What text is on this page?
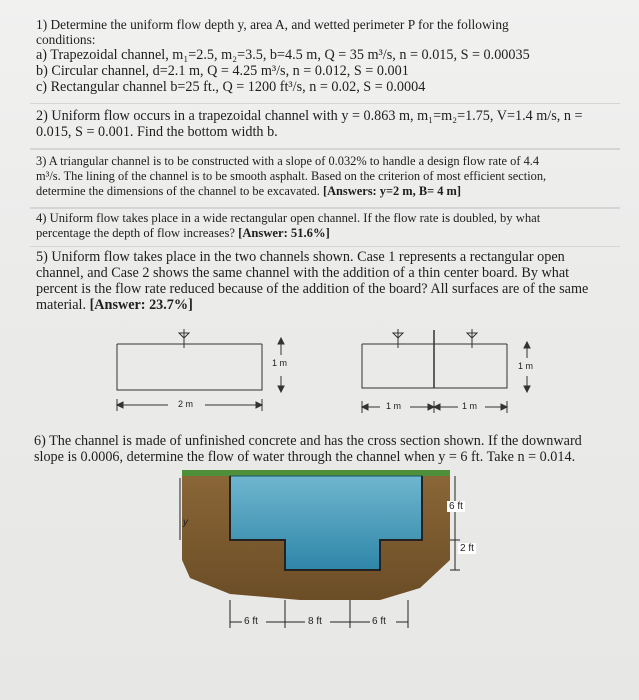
1) Determine the uniform flow depth y, area A, and wetted perimeter P for the following
conditions:
a) Trapezoidal channel, m₁=2.5, m₂=3.5, b=4.5 m, Q = 35 m³/s, n = 0.015, S = 0.00035
b) Circular channel, d=2.1 m, Q = 4.25 m³/s, n = 0.012, S = 0.001
c) Rectangular channel b=25 ft., Q = 1200 ft³/s, n = 0.02, S = 0.0004
2) Uniform flow occurs in a trapezoidal channel with y = 0.863 m, m₁=m₂=1.75, V=1.4 m/s, n =
0.015, S = 0.001. Find the bottom width b.
3) A triangular channel is to be constructed with a slope of 0.032% to handle a design flow rate of 4.4
m³/s. The lining of the channel is to be smooth asphalt. Based on the criterion of most efficient section,
determine the dimensions of the channel to be excavated. [Answers: y=2 m, B= 4 m]
4) Uniform flow takes place in a wide rectangular open channel. If the flow rate is doubled, by what
percentage the depth of flow increases? [Answer: 51.6%]
5) Uniform flow takes place in the two channels shown. Case 1 represents a rectangular open
channel, and Case 2 shows the same channel with the addition of a thin center board. By what
percent is the flow rate reduced because of the addition of the board? All surfaces are of the same
material. [Answer: 23.7%]
1 m
2 m
1 m
1 m	1 m
6) The channel is made of unfinished concrete and has the cross section shown. If the downward
slope is 0.0006, determine the flow of water through the channel when y = 6 ft. Take n = 0.014.
y
6 ft
2 ft
6 ft	8 ft	6 ft
